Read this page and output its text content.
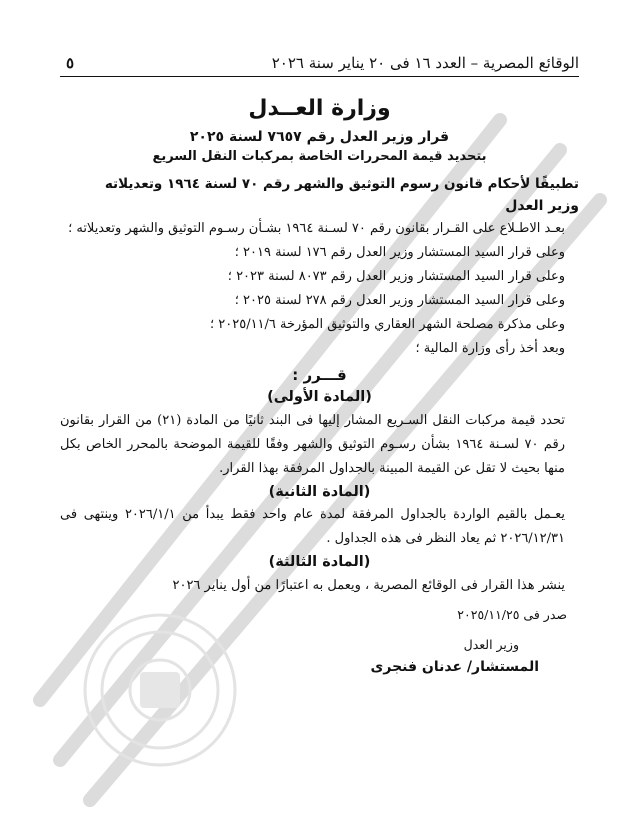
الوقائع المصرية – العدد ١٦ فى ٢٠ يناير سنة ٢٠٢٦
٥
وزارة العــدل
قرار وزير العدل رقم ٧٦٥٧ لسنة ٢٠٢٥
بتحديد قيمة المحررات الخاصة بمركبات النقل السريع
تطبيقًا لأحكام قانون رسوم التوثيق والشهر رقم ٧٠ لسنة ١٩٦٤ وتعديلاته
وزير العدل

بعـد الاطـلاع على القـرار بقانون رقم ٧٠ لسـنة ١٩٦٤ بشـأن رسـوم التوثيق والشهر وتعديلاته ؛

وعلى قرار السيد المستشار وزير العدل رقم ١٧٦ لسنة ٢٠١٩ ؛

وعلى قرار السيد المستشار وزير العدل رقم ٨٠٧٣ لسنة ٢٠٢٣ ؛

وعلى قرار السيد المستشار وزير العدل رقم ٢٧٨ لسنة ٢٠٢٥ ؛

وعلى مذكرة مصلحة الشهر العقاري والتوثيق المؤرخة ٢٠٢٥/١١/٦ ؛

وبعد أخذ رأى وزارة المالية ؛

قـــرر :
(المادة الأولى)

تحدد قيمة مركبات النقل السـريع المشار إليها فى البند ثانيًا من المادة (٢١) من القرار بقانون رقم ٧٠ لسـنة ١٩٦٤ بشأن رسـوم التوثيق والشهر وفقًا للقيمة الموضحة بالمحرر الخاص بكل منها بحيث لا تقل عن القيمة المبينة بالجداول المرفقة بهذا القرار.

(المادة الثانية)

يعـمل بالقيم الواردة بالجداول المرفقة لمدة عام واحد فقط يبدأ من ٢٠٢٦/١/١ وينتهى فى ٢٠٢٦/١٢/٣١ ثم يعاد النظر فى هذه الجداول .

(المادة الثالثة)

ينشر هذا القرار فى الوقائع المصرية ، ويعمل به اعتبارًا من أول يناير ٢٠٢٦

صدر فى ٢٠٢٥/١١/٢٥
وزير العدل
المستشار/ عدنان فنجرى
